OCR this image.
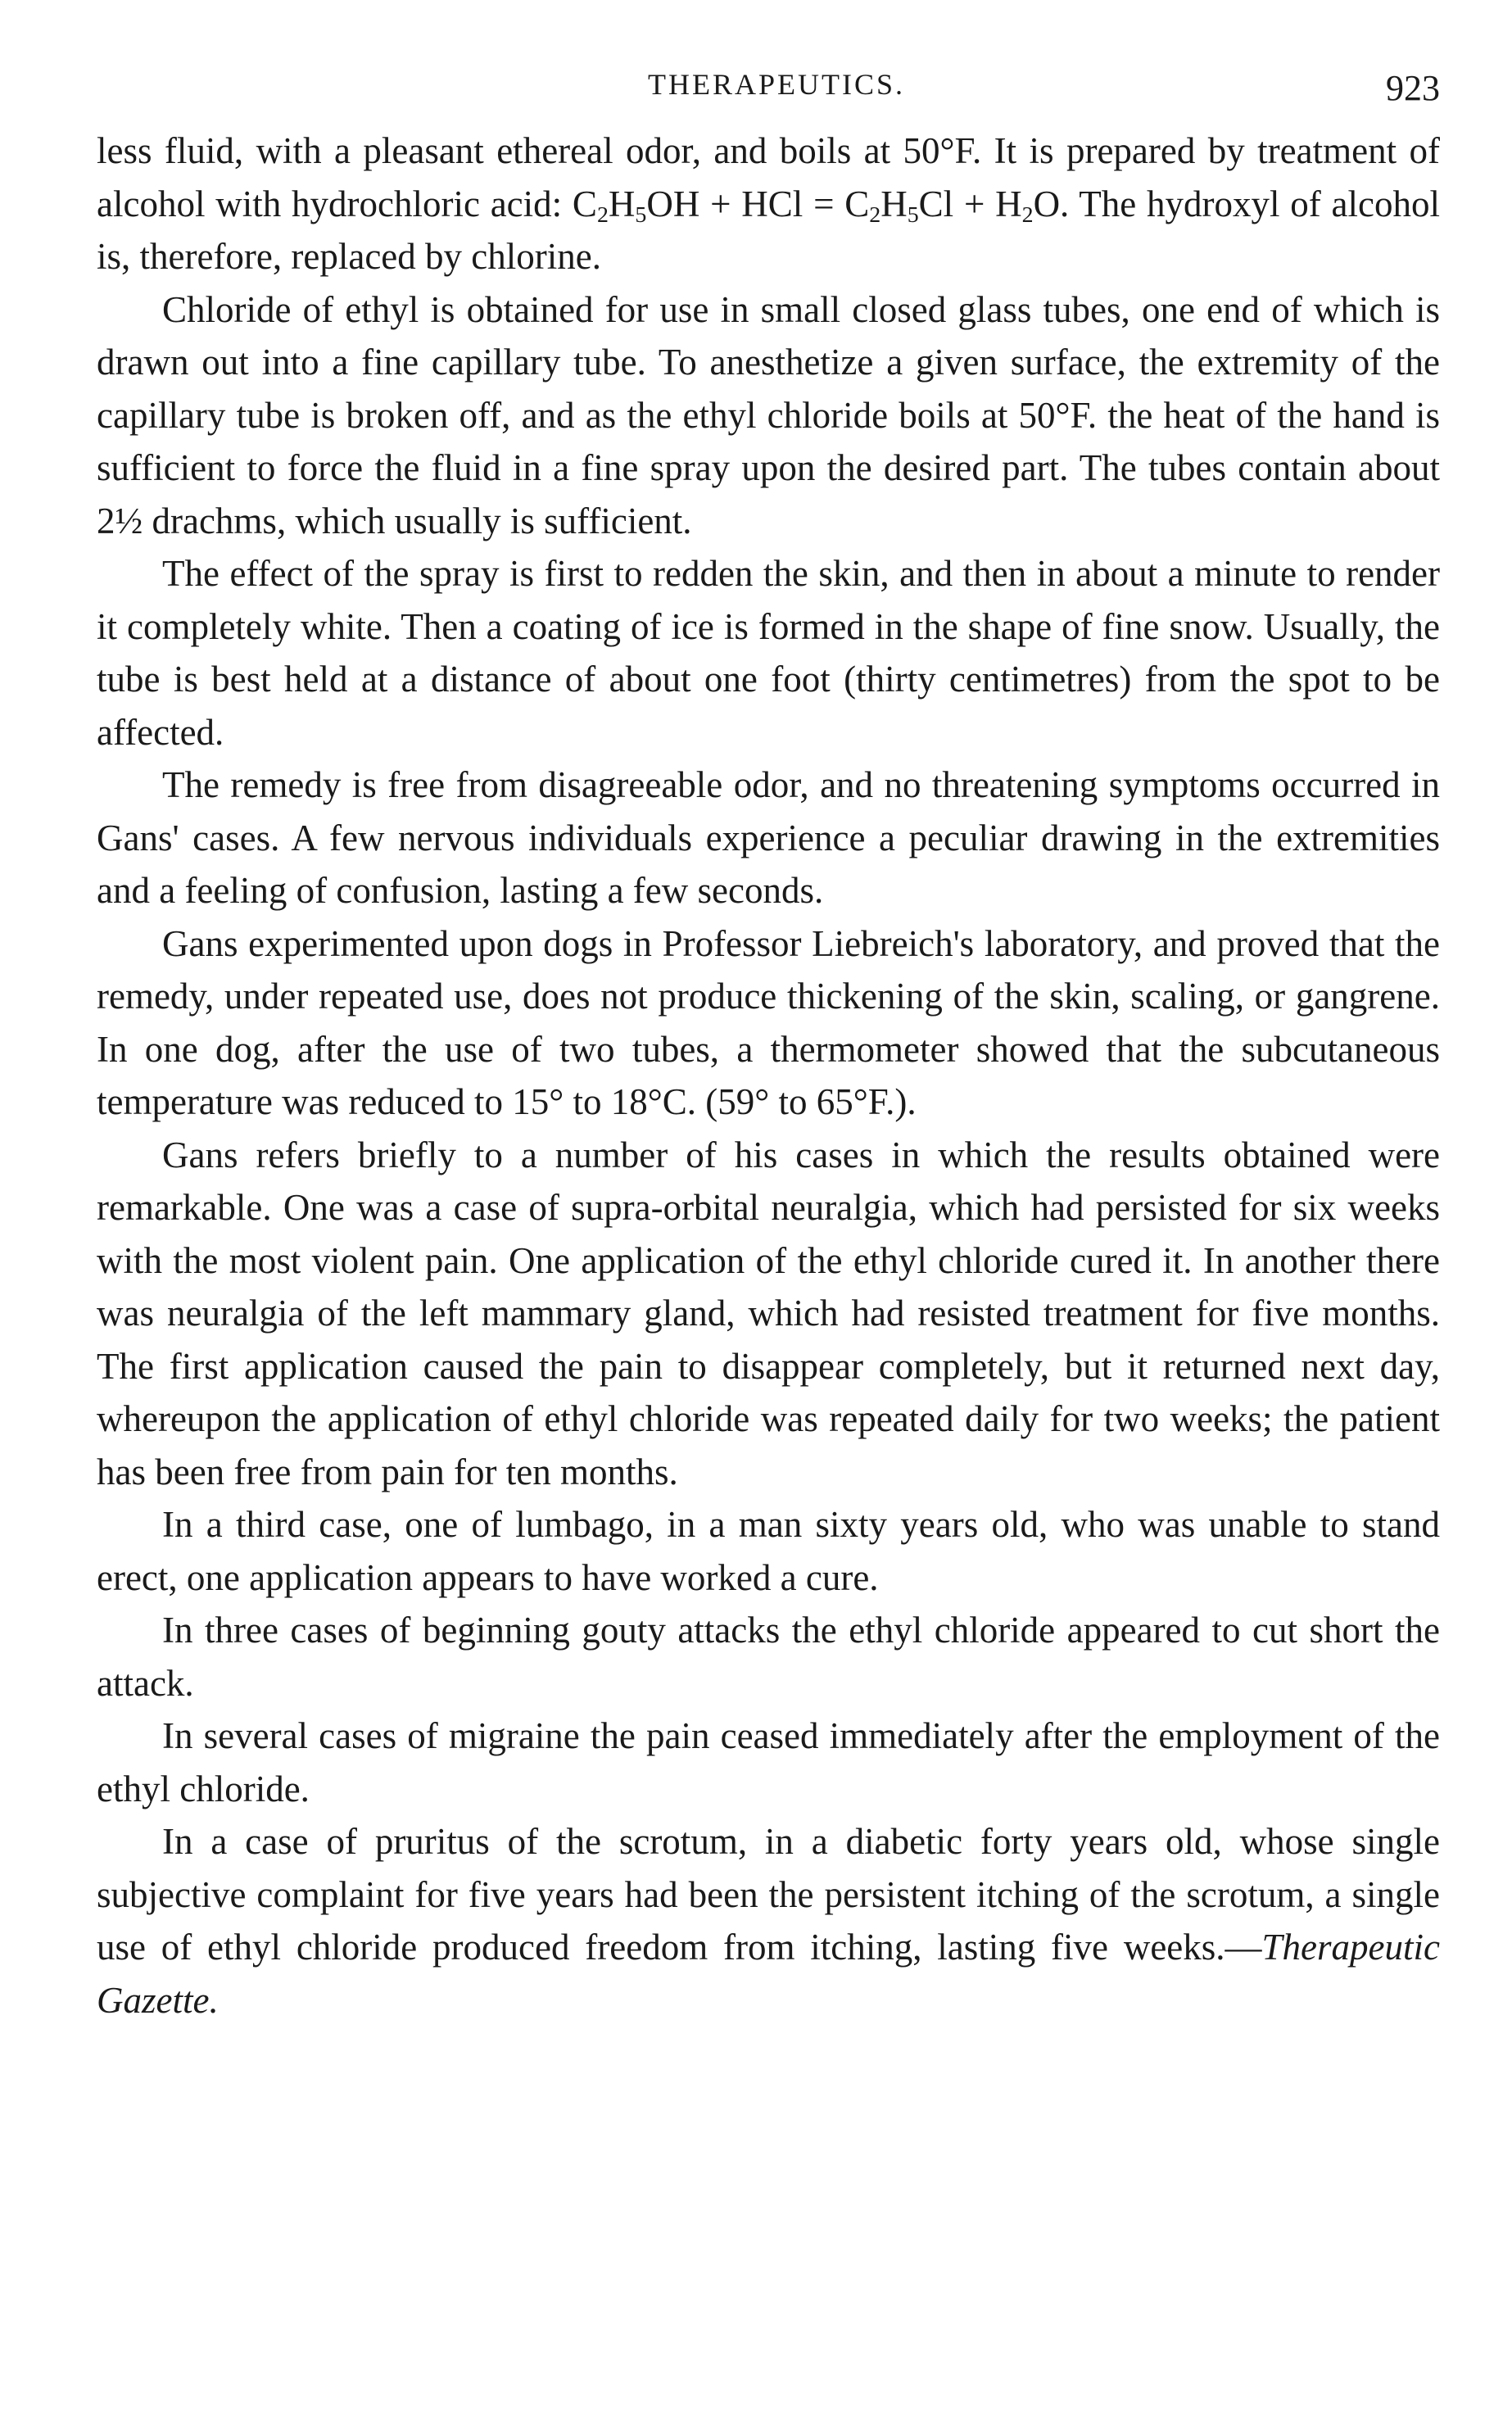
THERAPEUTICS.	923

less fluid, with a pleasant ethereal odor, and boils at 50°F. It is prepared by treatment of alcohol with hydrochloric acid: $C_2H_5OH$ + HCl = $C_2H_5Cl + H_2O$. The hydroxyl of alcohol is, therefore, replaced by chlorine.

Chloride of ethyl is obtained for use in small closed glass tubes, one end of which is drawn out into a fine capillary tube. To anesthetize a given surface, the extremity of the capillary tube is broken off, and as the ethyl chloride boils at 50°F. the heat of the hand is sufficient to force the fluid in a fine spray upon the desired part. The tubes contain about 2½ drachms, which usually is sufficient.

The effect of the spray is first to redden the skin, and then in about a minute to render it completely white. Then a coating of ice is formed in the shape of fine snow. Usually, the tube is best held at a distance of about one foot (thirty centimetres) from the spot to be affected.

The remedy is free from disagreeable odor, and no threatening symptoms occurred in Gans' cases. A few nervous individuals experience a peculiar drawing in the extremities and a feeling of confusion, lasting a few seconds.

Gans experimented upon dogs in Professor Liebreich's laboratory, and proved that the remedy, under repeated use, does not produce thickening of the skin, scaling, or gangrene. In one dog, after the use of two tubes, a thermometer showed that the subcutaneous temperature was reduced to 15° to 18°C. (59° to 65°F.).

Gans refers briefly to a number of his cases in which the results obtained were remarkable. One was a case of supra-orbital neuralgia, which had persisted for six weeks with the most violent pain. One application of the ethyl chloride cured it. In another there was neuralgia of the left mammary gland, which had resisted treatment for five months. The first application caused the pain to disappear completely, but it returned next day, whereupon the application of ethyl chloride was repeated daily for two weeks; the patient has been free from pain for ten months.

In a third case, one of lumbago, in a man sixty years old, who was unable to stand erect, one application appears to have worked a cure.

In three cases of beginning gouty attacks the ethyl chloride appeared to cut short the attack.

In several cases of migraine the pain ceased immediately after the employment of the ethyl chloride.

In a case of pruritus of the scrotum, in a diabetic forty years old, whose single subjective complaint for five years had been the persistent itching of the scrotum, a single use of ethyl chloride produced freedom from itching, lasting five weeks.—Therapeutic Gazette.
